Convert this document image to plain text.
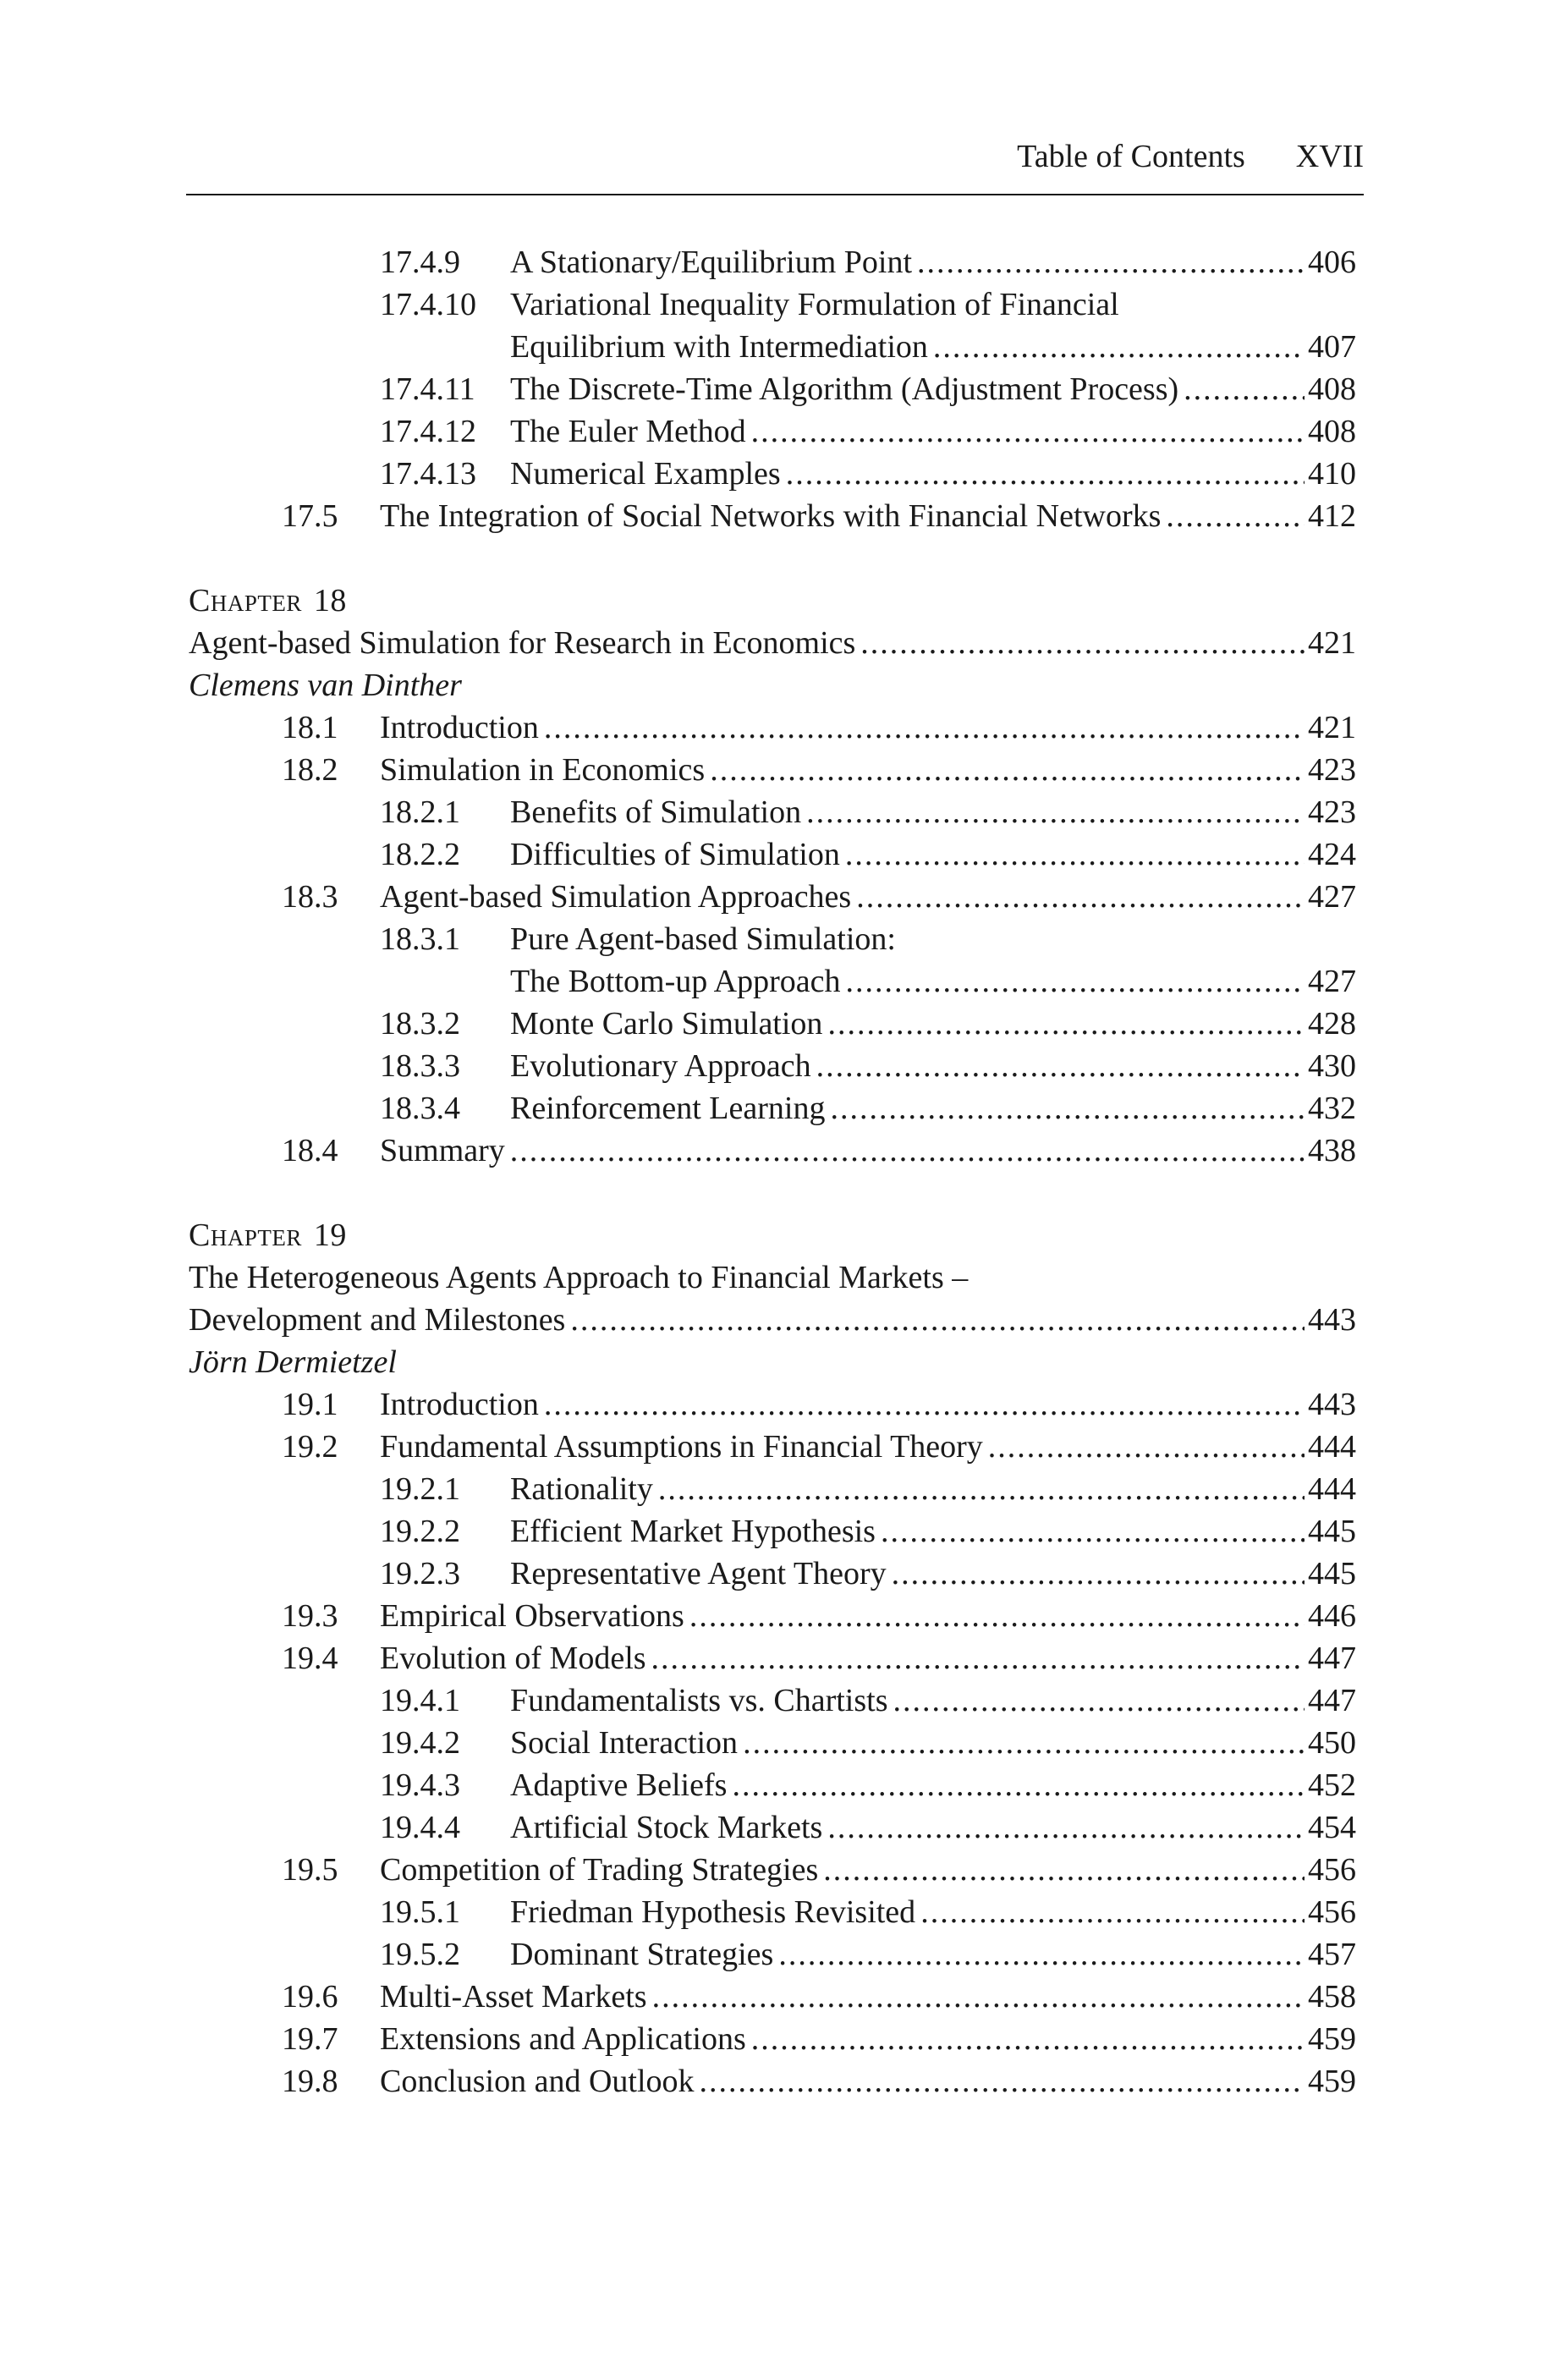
Table of Contents XVII
17.4.9 A Stationary/Equilibrium Point .....	406
17.4.10 Variational Inequality Formulation of Financial
Equilibrium with Intermediation .....	407
17.4.11 The Discrete-Time Algorithm (Adjustment Process) .....	408
17.4.12 The Euler Method .....	408
17.4.13 Numerical Examples .....	410
17.5 The Integration of Social Networks with Financial Networks .....	412
Chapter 18
Agent-based Simulation for Research in Economics .....	421
Clemens van Dinther
18.1 Introduction .....	421
18.2 Simulation in Economics .....	423
18.2.1 Benefits of Simulation .....	423
18.2.2 Difficulties of Simulation .....	424
18.3 Agent-based Simulation Approaches .....	427
18.3.1 Pure Agent-based Simulation:
The Bottom-up Approach .....	427
18.3.2 Monte Carlo Simulation .....	428
18.3.3 Evolutionary Approach .....	430
18.3.4 Reinforcement Learning .....	432
18.4 Summary .....	438
Chapter 19
The Heterogeneous Agents Approach to Financial Markets –
Development and Milestones .....	443
Jörn Dermietzel
19.1 Introduction .....	443
19.2 Fundamental Assumptions in Financial Theory .....	444
19.2.1 Rationality .....	444
19.2.2 Efficient Market Hypothesis .....	445
19.2.3 Representative Agent Theory .....	445
19.3 Empirical Observations .....	446
19.4 Evolution of Models .....	447
19.4.1 Fundamentalists vs. Chartists .....	447
19.4.2 Social Interaction .....	450
19.4.3 Adaptive Beliefs .....	452
19.4.4 Artificial Stock Markets .....	454
19.5 Competition of Trading Strategies .....	456
19.5.1 Friedman Hypothesis Revisited .....	456
19.5.2 Dominant Strategies .....	457
19.6 Multi-Asset Markets .....	458
19.7 Extensions and Applications .....	459
19.8 Conclusion and Outlook .....	459
